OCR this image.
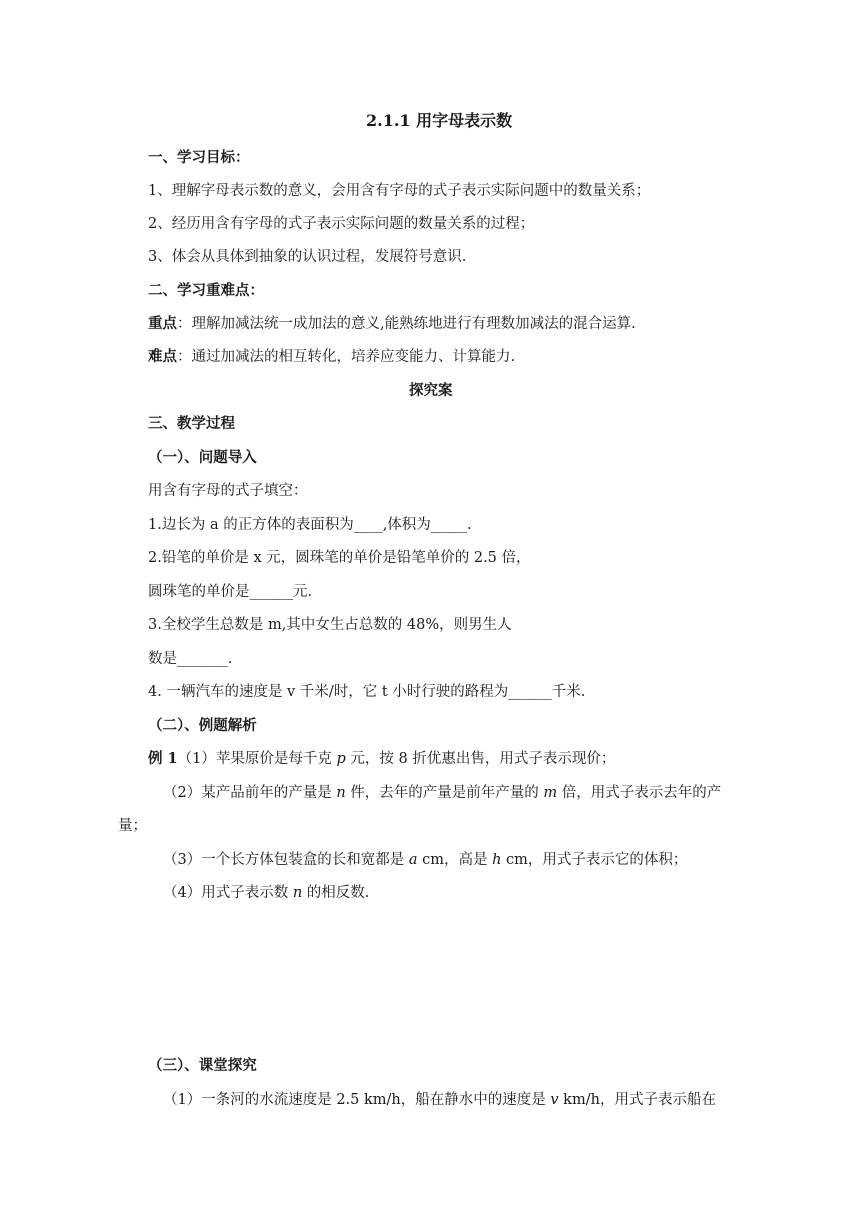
2.1.1 用字母表示数
一、学习目标：
1、理解字母表示数的意义，会用含有字母的式子表示实际问题中的数量关系；
2、经历用含有字母的式子表示实际问题的数量关系的过程；
3、体会从具体到抽象的认识过程，发展符号意识.
二、学习重难点：
重点：理解加减法统一成加法的意义,能熟练地进行有理数加减法的混合运算.
难点：通过加减法的相互转化，培养应变能力、计算能力.
探究案
三、教学过程
（一）、问题导入
用含有字母的式子填空：
1.边长为 a 的正方体的表面积为____,体积为_____.
2.铅笔的单价是 x 元，圆珠笔的单价是铅笔单价的 2.5 倍，
圆珠笔的单价是______元.
3.全校学生总数是 m,其中女生占总数的 48%，则男生人
数是_______.
4. 一辆汽车的速度是 v 千米/时，它 t 小时行驶的路程为______千米.
（二）、例题解析
例 1（1）苹果原价是每千克 p 元，按 8 折优惠出售，用式子表示现价；
（2）某产品前年的产量是 n 件，去年的产量是前年产量的 m 倍，用式子表示去年的产
量；
（3）一个长方体包装盒的长和宽都是 a cm，高是 h cm，用式子表示它的体积；
（4）用式子表示数 n 的相反数.
（三）、课堂探究
（1）一条河的水流速度是 2.5 km/h，船在静水中的速度是 v km/h，用式子表示船在
